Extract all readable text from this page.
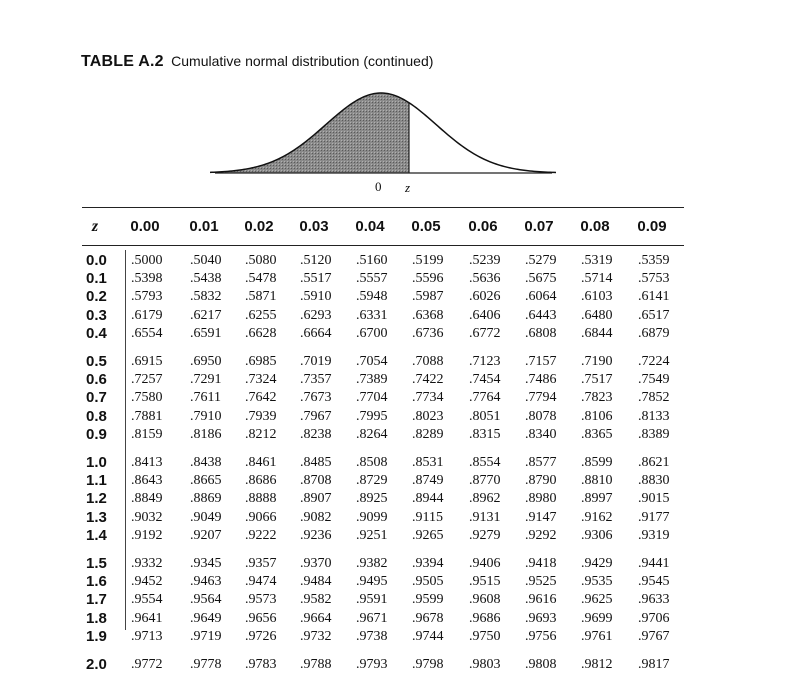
TABLE A.2 Cumulative normal distribution (continued)
0 z
z 0.00 0.01 0.02 0.03 0.04 0.05 0.06 0.07 0.08 0.09
0.0 .5000 .5040 .5080 .5120 .5160 .5199 .5239 .5279 .5319 .5359
0.1 .5398 .5438 .5478 .5517 .5557 .5596 .5636 .5675 .5714 .5753
0.2 .5793 .5832 .5871 .5910 .5948 .5987 .6026 .6064 .6103 .6141
0.3 .6179 .6217 .6255 .6293 .6331 .6368 .6406 .6443 .6480 .6517
0.4 .6554 .6591 .6628 .6664 .6700 .6736 .6772 .6808 .6844 .6879
0.5 .6915 .6950 .6985 .7019 .7054 .7088 .7123 .7157 .7190 .7224
0.6 .7257 .7291 .7324 .7357 .7389 .7422 .7454 .7486 .7517 .7549
0.7 .7580 .7611 .7642 .7673 .7704 .7734 .7764 .7794 .7823 .7852
0.8 .7881 .7910 .7939 .7967 .7995 .8023 .8051 .8078 .8106 .8133
0.9 .8159 .8186 .8212 .8238 .8264 .8289 .8315 .8340 .8365 .8389
1.0 .8413 .8438 .8461 .8485 .8508 .8531 .8554 .8577 .8599 .8621
1.1 .8643 .8665 .8686 .8708 .8729 .8749 .8770 .8790 .8810 .8830
1.2 .8849 .8869 .8888 .8907 .8925 .8944 .8962 .8980 .8997 .9015
1.3 .9032 .9049 .9066 .9082 .9099 .9115 .9131 .9147 .9162 .9177
1.4 .9192 .9207 .9222 .9236 .9251 .9265 .9279 .9292 .9306 .9319
1.5 .9332 .9345 .9357 .9370 .9382 .9394 .9406 .9418 .9429 .9441
1.6 .9452 .9463 .9474 .9484 .9495 .9505 .9515 .9525 .9535 .9545
1.7 .9554 .9564 .9573 .9582 .9591 .9599 .9608 .9616 .9625 .9633
1.8 .9641 .9649 .9656 .9664 .9671 .9678 .9686 .9693 .9699 .9706
1.9 .9713 .9719 .9726 .9732 .9738 .9744 .9750 .9756 .9761 .9767
2.0 .9772 .9778 .9783 .9788 .9793 .9798 .9803 .9808 .9812 .9817
